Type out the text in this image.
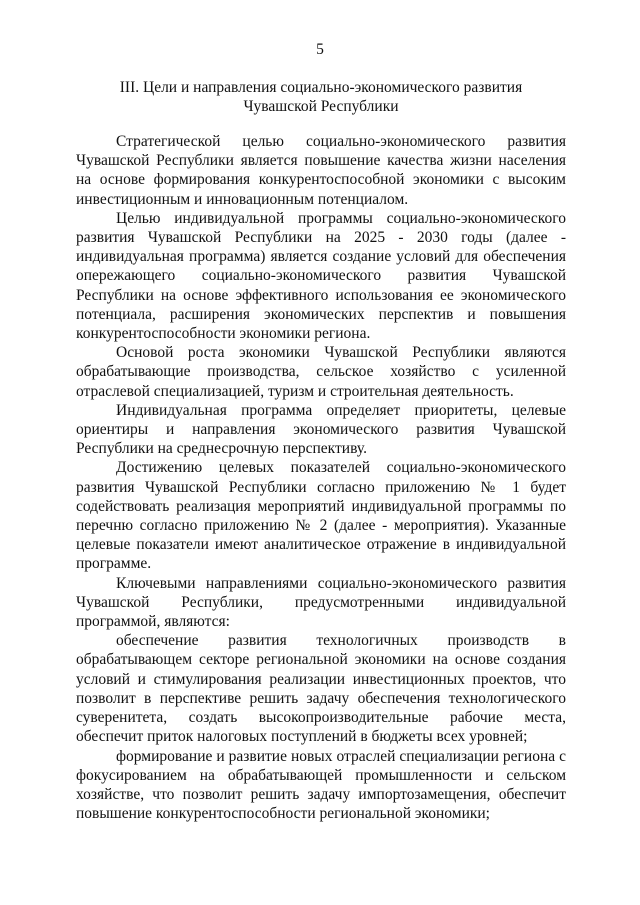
5
III. Цели и направления социально-экономического развития
Чувашской Республики

Стратегической целью социально-экономического развития Чувашской Республики является повышение качества жизни населения на основе формирования конкурентоспособной экономики с высоким инвестиционным и инновационным потенциалом.

Целью индивидуальной программы социально-экономического развития Чувашской Республики на 2025 - 2030 годы (далее - индивидуальная программа) является создание условий для обеспечения опережающего социально-экономического развития Чувашской Республики на основе эффективного использования ее экономического потенциала, расширения экономических перспектив и повышения конкурентоспособности экономики региона.

Основой роста экономики Чувашской Республики являются обрабатывающие производства, сельское хозяйство с усиленной отраслевой специализацией, туризм и строительная деятельность.

Индивидуальная программа определяет приоритеты, целевые ориентиры и направления экономического развития Чувашской Республики на среднесрочную перспективу.

Достижению целевых показателей социально-экономического развития Чувашской Республики согласно приложению № 1 будет содействовать реализация мероприятий индивидуальной программы по перечню согласно приложению № 2 (далее - мероприятия). Указанные целевые показатели имеют аналитическое отражение в индивидуальной программе.

Ключевыми направлениями социально-экономического развития Чувашской Республики, предусмотренными индивидуальной программой, являются:

обеспечение развития технологичных производств в обрабатывающем секторе региональной экономики на основе создания условий и стимулирования реализации инвестиционных проектов, что позволит в перспективе решить задачу обеспечения технологического суверенитета, создать высокопроизводительные рабочие места, обеспечит приток налоговых поступлений в бюджеты всех уровней;

формирование и развитие новых отраслей специализации региона с фокусированием на обрабатывающей промышленности и сельском хозяйстве, что позволит решить задачу импортозамещения, обеспечит повышение конкурентоспособности региональной экономики;
